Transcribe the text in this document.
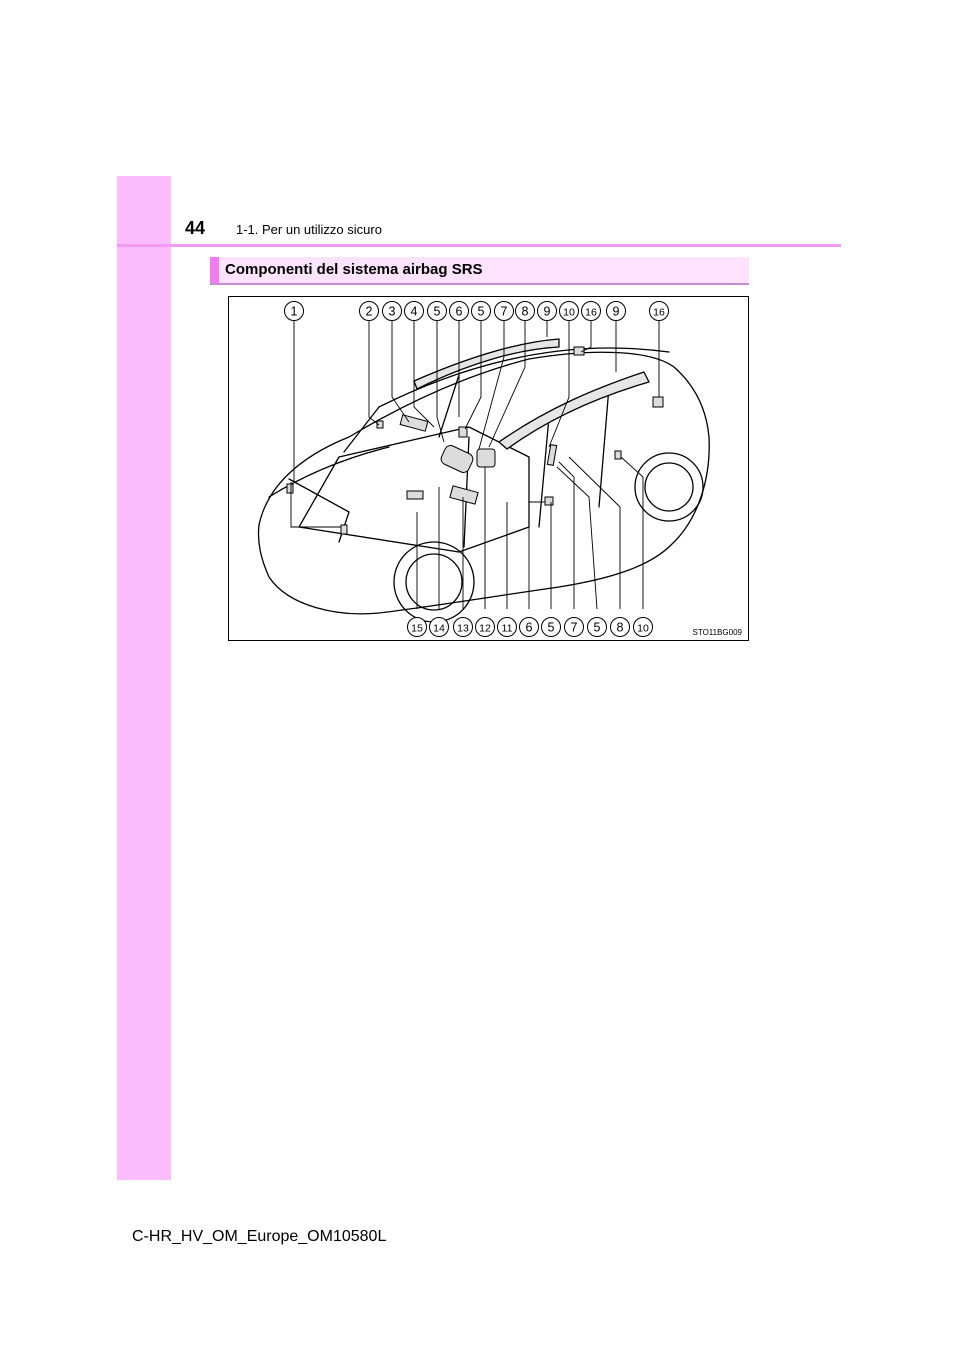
44 1-1. Per un utilizzo sicuro
Componenti del sistema airbag SRS
1	2 3 4 5 6 5 7 8 9 10 16 9	16
15 14 13 12 11 6 5 7 5 8 10	STO11BG009
C-HR_HV_OM_Europe_OM10580L
